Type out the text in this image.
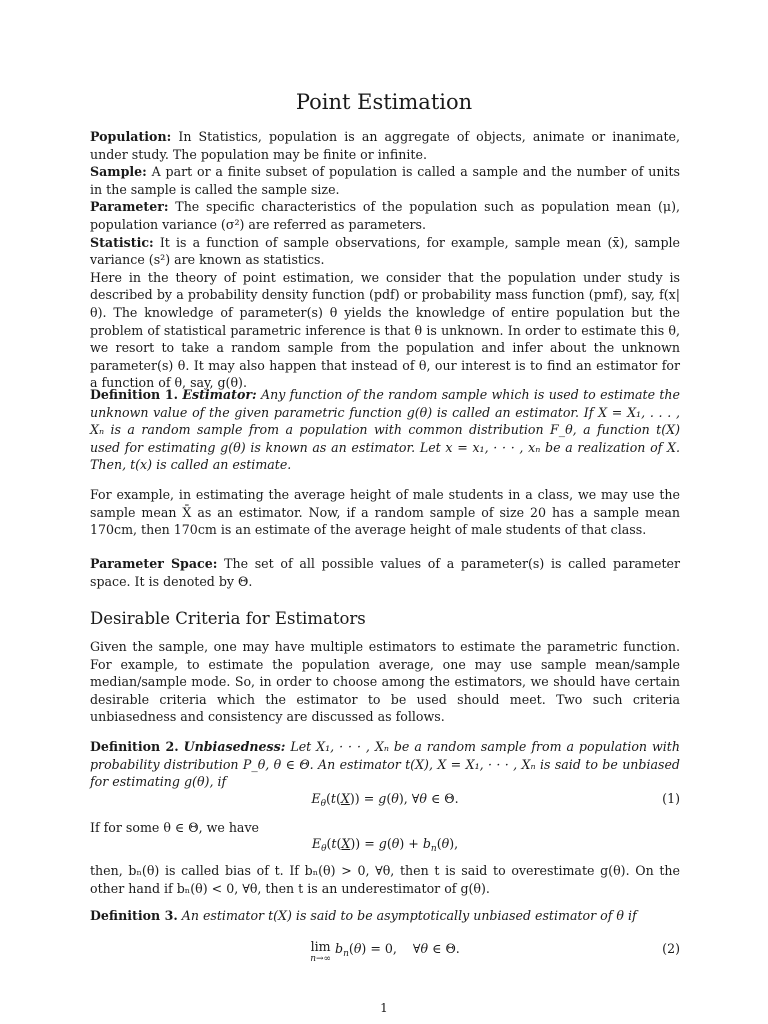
Point Estimation

Population: In Statistics, population is an aggregate of objects, animate or inanimate, under study. The population may be finite or infinite.

Sample: A part or a finite subset of population is called a sample and the number of units in the sample is called the sample size.

Parameter: The specific characteristics of the population such as population mean (μ), population variance (σ²) are referred as parameters.

Statistic: It is a function of sample observations, for example, sample mean (x̄), sample variance (s²) are known as statistics.

Here in the theory of point estimation, we consider that the population under study is described by a probability density function (pdf) or probability mass function (pmf), say, f(x|θ). The knowledge of parameter(s) θ yields the knowledge of entire population but the problem of statistical parametric inference is that θ is unknown. In order to estimate this θ, we resort to take a random sample from the population and infer about the unknown parameter(s) θ. It may also happen that instead of θ, our interest is to find an estimator for a function of θ, say, g(θ).

Definition 1. Estimator: Any function of the random sample which is used to estimate the unknown value of the given parametric function g(θ) is called an estimator. If X = X₁, . . . , Xₙ is a random sample from a population with common distribution F_θ, a function t(X) used for estimating g(θ) is known as an estimator. Let x = x₁, · · · , xₙ be a realization of X. Then, t(x) is called an estimate.

For example, in estimating the average height of male students in a class, we may use the sample mean X̄ as an estimator. Now, if a random sample of size 20 has a sample mean 170cm, then 170cm is an estimate of the average height of male students of that class.

Parameter Space: The set of all possible values of a parameter(s) is called parameter space. It is denoted by Θ.

Desirable Criteria for Estimators

Given the sample, one may have multiple estimators to estimate the parametric function. For example, to estimate the population average, one may use sample mean/sample median/sample mode. So, in order to choose among the estimators, we should have certain desirable criteria which the estimator to be used should meet. Two such criteria unbiasedness and consistency are discussed as follows.

Definition 2. Unbiasedness: Let X₁, · · · , Xₙ be a random sample from a population with probability distribution P_θ, θ ∈ Θ. An estimator t(X), X = X₁, · · · , Xₙ is said to be unbiased for estimating g(θ), if

$E_\theta(t(X)) = g(\theta)$, ∀θ ∈ Θ.	(1)

If for some θ ∈ Θ, we have

$E_\theta(t(X)) = g(\theta) + b_n(\theta)$,

then, bₙ(θ) is called bias of t. If bₙ(θ) > 0, ∀θ, then t is said to overestimate g(θ). On the other hand if bₙ(θ) < 0, ∀θ, then t is an underestimator of g(θ).

Definition 3. An estimator t(X) is said to be asymptotically unbiased estimator of θ if

lim
n→∞
$b_n(\theta) = 0$,    ∀θ ∈ Θ.	(2)
1
